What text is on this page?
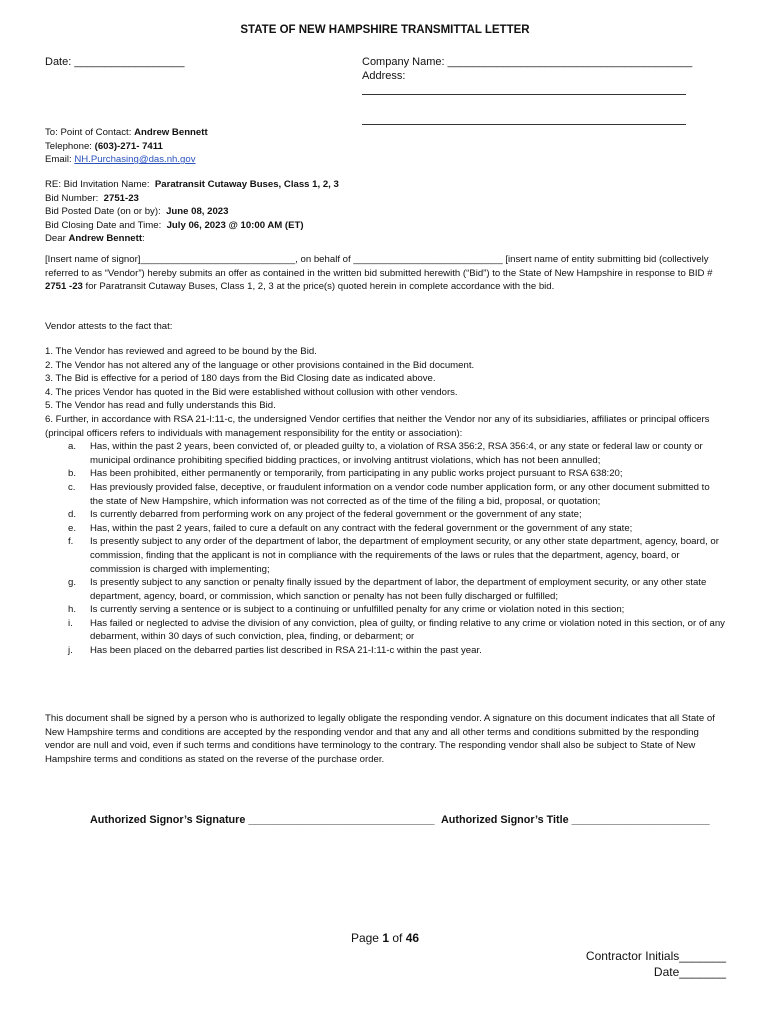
STATE OF NEW HAMPSHIRE TRANSMITTAL LETTER
Date: __________________	Company Name: ________________________________________
Address:
To: Point of Contact: Andrew Bennett
Telephone: (603)-271- 7411
Email: NH.Purchasing@das.nh.gov
RE: Bid Invitation Name: Paratransit Cutaway Buses, Class 1, 2, 3
Bid Number: 2751-23
Bid Posted Date (on or by): June 08, 2023
Bid Closing Date and Time: July 06, 2023 @ 10:00 AM (ET)
Dear Andrew Bennett:
[Insert name of signor]_____________________________, on behalf of ____________________________ [insert name of entity submitting bid (collectively referred to as “Vendor”) hereby submits an offer as contained in the written bid submitted herewith (“Bid”) to the State of New Hampshire in response to BID # 2751 -23 for Paratransit Cutaway Buses, Class 1, 2, 3 at the price(s) quoted herein in complete accordance with the bid.
Vendor attests to the fact that:
1. The Vendor has reviewed and agreed to be bound by the Bid.
2. The Vendor has not altered any of the language or other provisions contained in the Bid document.
3. The Bid is effective for a period of 180 days from the Bid Closing date as indicated above.
4. The prices Vendor has quoted in the Bid were established without collusion with other vendors.
5. The Vendor has read and fully understands this Bid.
6. Further, in accordance with RSA 21-I:11-c, the undersigned Vendor certifies that neither the Vendor nor any of its subsidiaries, affiliates or principal officers (principal officers refers to individuals with management responsibility for the entity or association):
a. Has, within the past 2 years, been convicted of, or pleaded guilty to, a violation of RSA 356:2, RSA 356:4, or any state or federal law or county or municipal ordinance prohibiting specified bidding practices, or involving antitrust violations, which has not been annulled;
b. Has been prohibited, either permanently or temporarily, from participating in any public works project pursuant to RSA 638:20;
c. Has previously provided false, deceptive, or fraudulent information on a vendor code number application form, or any other document submitted to the state of New Hampshire, which information was not corrected as of the time of the filing a bid, proposal, or quotation;
d. Is currently debarred from performing work on any project of the federal government or the government of any state;
e. Has, within the past 2 years, failed to cure a default on any contract with the federal government or the government of any state;
f. Is presently subject to any order of the department of labor, the department of employment security, or any other state department, agency, board, or commission, finding that the applicant is not in compliance with the requirements of the laws or rules that the department, agency, board, or commission is charged with implementing;
g. Is presently subject to any sanction or penalty finally issued by the department of labor, the department of employment security, or any other state department, agency, board, or commission, which sanction or penalty has not been fully discharged or fulfilled;
h. Is currently serving a sentence or is subject to a continuing or unfulfilled penalty for any crime or violation noted in this section;
i. Has failed or neglected to advise the division of any conviction, plea of guilty, or finding relative to any crime or violation noted in this section, or of any debarment, within 30 days of such conviction, plea, finding, or debarment; or
j. Has been placed on the debarred parties list described in RSA 21-I:11-c within the past year.
This document shall be signed by a person who is authorized to legally obligate the responding vendor. A signature on this document indicates that all State of New Hampshire terms and conditions are accepted by the responding vendor and that any and all other terms and conditions submitted by the responding vendor are null and void, even if such terms and conditions have terminology to the contrary. The responding vendor shall also be subject to State of New Hampshire terms and conditions as stated on the reverse of the purchase order.
Authorized Signor’s Signature _______________________________ Authorized Signor’s Title _______________________
Page 1 of 46
Contractor Initials_______
Date_______
